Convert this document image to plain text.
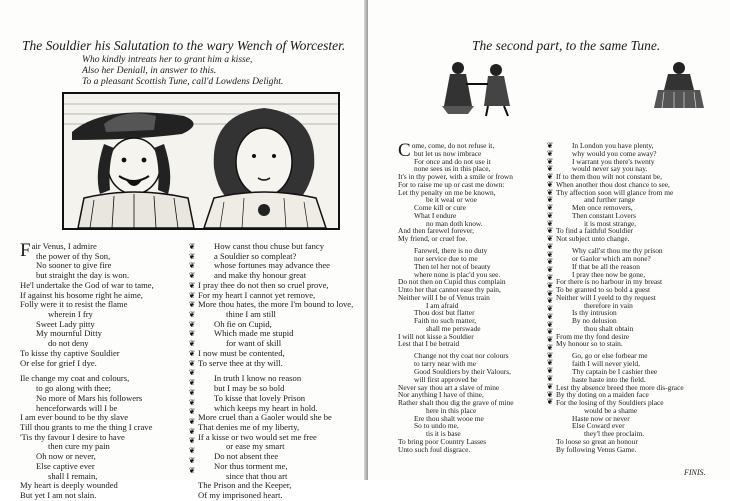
The Souldier his Salutation to the wary Wench of Worcester.
Who kindly intreats her to grant him a kisse,
Also her Deniall, in answer to this.
To a pleasant Scottish Tune, call'd Lowdens Delight.
F air Venus, I admire
the power of thy Son,
No sooner to give fire
but straight the day is won.
He'l undertake the God of war to tame,
If against his bosome right he aime,
Folly were it to resist the flame
wherein I fry
Sweet Lady pitty
My mournful Ditty
do not deny
To kisse thy captive Souldier
Or else for grief I dye.
Ile change my coat and colours,
to go along with thee;
No more of Mars his followers
henceforwards will I be
I am ever bound to be thy slave
Till thou grants to me the thing I crave
'Tis thy favour I desire to have
then cure my pain
Oh now or never,
Else captive ever
shall I remain,
My heart is deeply wounded
But yet I am not slain.
❦
❦
❦
❦
❦
❦
❦
❦
❦
❦
❦
❦
❦
❦
❦
❦
❦
❦
❦
❦
❦
❦
❦
❦
How canst thou chuse but fancy
a Souldier so compleat?
whose fortunes may advance thee
and make thy honour great
I pray thee do not then so cruel prove,
For my heart I cannot yet remove,
More thou hates, the more I'm bound to love,
thine I am still
Oh fie on Cupid,
Which made me stupid
for want of skill
I now must be contented,
To serve thee at thy will.
In truth I know no reason
but I may be so bold
To kisse that lovely Prison
which keeps my heart in hold.
More cruel than a Gaoler would she be
That denies me of my liberty,
If a kisse or two would set me free
or ease my smart
Do not absent thee
Nor thus torment me,
since that thou art
The Prison and the Keeper,
Of my imprisoned heart.
The second part, to the same Tune.
C ome, come, do not refuse it,
but let us now imbrace
For once and do not use it
none sees us in this place,
It's in thy power, with a smile or frown
For to raise me up or cast me down:
Let thy penalty on me be known,
be it weal or woe
Come kill or cure
What I endure
no man doth know.
And then farewel forever,
My friend, or cruel foe.
Farewel, there is no duty
nor service due to me
Then tel her not of beauty
where none is plac'd you see.
Do not then on Cupid thus complain
Unto her that cannot ease thy pain,
Neither will I be of Venus train
I am afraid
Thou dost but flatter
Faith no such matter,
shall me perswade
I will not kisse a Souldier
Lest that I be betraid
Change not thy coat nor colours
to tarry near with me
Good Souldiers by their Valours,
will first approved be
Never say thou art a slave of mine
Nor anything I have of thine,
Rather shalt thou dig the grave of mine
here in this place
Ere thou shalt wooe me
So to undo me,
tis it is base
To bring poor Country Lasses
Unto such foul disgrace.
❦
❦
❦
❦
❦
❦
❦
❦
❦
❦
❦
❦
❦
❦
❦
❦
❦
❦
❦
❦
❦
❦
❦
❦
❦
❦
❦
❦
❦
❦
❦
❦
❦
❦
In London you have plenty,
why would you come away?
I warrant you there's twenty
would never say you nay.
If to them thou wilt not constant be,
When another thou dost chance to see,
Thy affection soon will glance from me
and further range
Men once removers,
Then constant Lovers
it is most strange,
To find a faithful Souldier
Not subject unto change.
Why call'st thou me thy prison
or Gaolor which am none?
If that be all the reason
I pray thee now be gone,
For there is no harbour in my breast
To be granted to so bold a guest
Neither will I yeeld to thy request
therefore in vain
Is thy intrusion
By no delusion
thou shalt obtain
From me thy fond desire
My honour so to stain.
Go, go or else forbear me
faith I will never yield,
Thy captain be I cashier thee
haste haste into the field.
Lest thy absence breed thee more dis-grace
By thy doting on a maiden face
For the losing of thy Souldiers place
would be a shame
Haste now or never
Else Coward ever
they'l thee proclaim.
To loose so great an honour
By following Venus Game.
FINIS.
